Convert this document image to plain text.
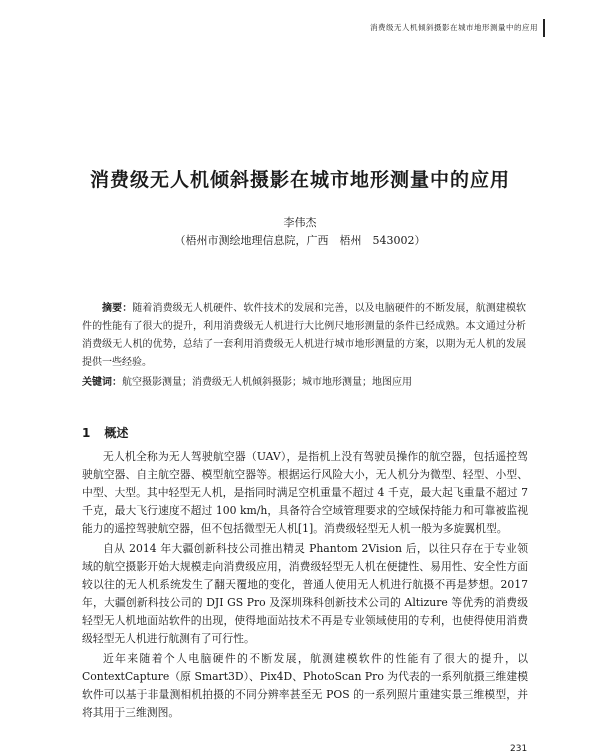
消费级无人机倾斜摄影在城市地形测量中的应用
消费级无人机倾斜摄影在城市地形测量中的应用
李伟杰
（梧州市测绘地理信息院，广西　梧州　543002）
摘要：随着消费级无人机硬件、软件技术的发展和完善，以及电脑硬件的不断发展，航测建模软件的性能有了很大的提升，利用消费级无人机进行大比例尺地形测量的条件已经成熟。本文通过分析消费级无人机的优势，总结了一套利用消费级无人机进行城市地形测量的方案，以期为无人机的发展提供一些经验。
关键词：航空摄影测量；消费级无人机倾斜摄影；城市地形测量；地图应用
1 概述

无人机全称为无人驾驶航空器（UAV），是指机上没有驾驶员操作的航空器，包括遥控驾驶航空器、自主航空器、模型航空器等。根据运行风险大小，无人机分为微型、轻型、小型、中型、大型。其中轻型无人机，是指同时满足空机重量不超过 4 千克，最大起飞重量不超过 7 千克，最大飞行速度不超过 100 km/h，具备符合空域管理要求的空域保持能力和可靠被监视能力的遥控驾驶航空器，但不包括微型无人机[1]。消费级轻型无人机一般为多旋翼机型。

自从 2014 年大疆创新科技公司推出精灵 Phantom 2Vision 后，以往只存在于专业领域的航空摄影开始大规模走向消费级应用，消费级轻型无人机在便捷性、易用性、安全性方面较以往的无人机系统发生了翻天覆地的变化，普通人使用无人机进行航摄不再是梦想。2017 年，大疆创新科技公司的 DJI GS Pro 及深圳珠科创新技术公司的 Altizure 等优秀的消费级轻型无人机地面站软件的出现，使得地面站技术不再是专业领域使用的专利，也使得使用消费级轻型无人机进行航测有了可行性。

近年来随着个人电脑硬件的不断发展，航测建模软件的性能有了很大的提升，以 ContextCapture（原 Smart3D）、Pix4D、PhotoScan Pro 为代表的一系列航摄三维建模软件可以基于非量测相机拍摄的不同分辨率甚至无 POS 的一系列照片重建实景三维模型，并将其用于三维测图。

231
